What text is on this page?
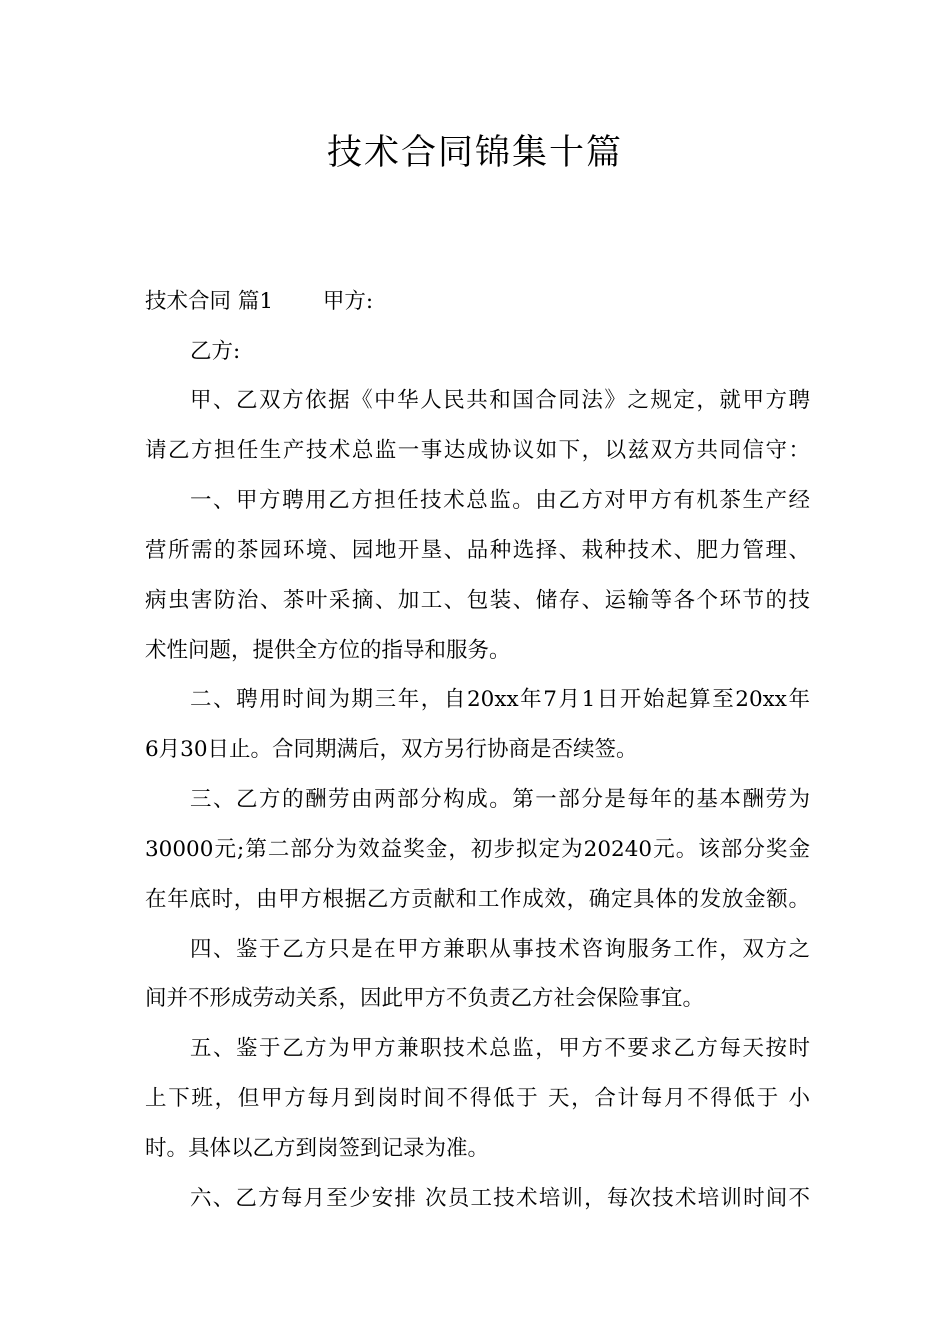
技术合同锦集十篇
技术合同 篇1　　 甲方:
乙方:
甲、乙双方依据《中华人民共和国合同法》之规定，就甲方聘
请乙方担任生产技术总监一事达成协议如下，以兹双方共同信守：
一、甲方聘用乙方担任技术总监。由乙方对甲方有机茶生产经
营所需的茶园环境、园地开垦、品种选择、栽种技术、肥力管理、
病虫害防治、茶叶采摘、加工、包装、储存、运输等各个环节的技
术性问题，提供全方位的指导和服务。
二、聘用时间为期三年，自20xx年7月1日开始起算至20xx年
6月30日止。合同期满后，双方另行协商是否续签。
三、乙方的酬劳由两部分构成。第一部分是每年的基本酬劳为
30000元;第二部分为效益奖金，初步拟定为20240元。该部分奖金
在年底时，由甲方根据乙方贡献和工作成效，确定具体的发放金额。
四、鉴于乙方只是在甲方兼职从事技术咨询服务工作，双方之
间并不形成劳动关系，因此甲方不负责乙方社会保险事宜。
五、鉴于乙方为甲方兼职技术总监，甲方不要求乙方每天按时
上下班，但甲方每月到岗时间不得低于 天，合计每月不得低于 小
时。具体以乙方到岗签到记录为准。
六、乙方每月至少安排 次员工技术培训，每次技术培训时间不
